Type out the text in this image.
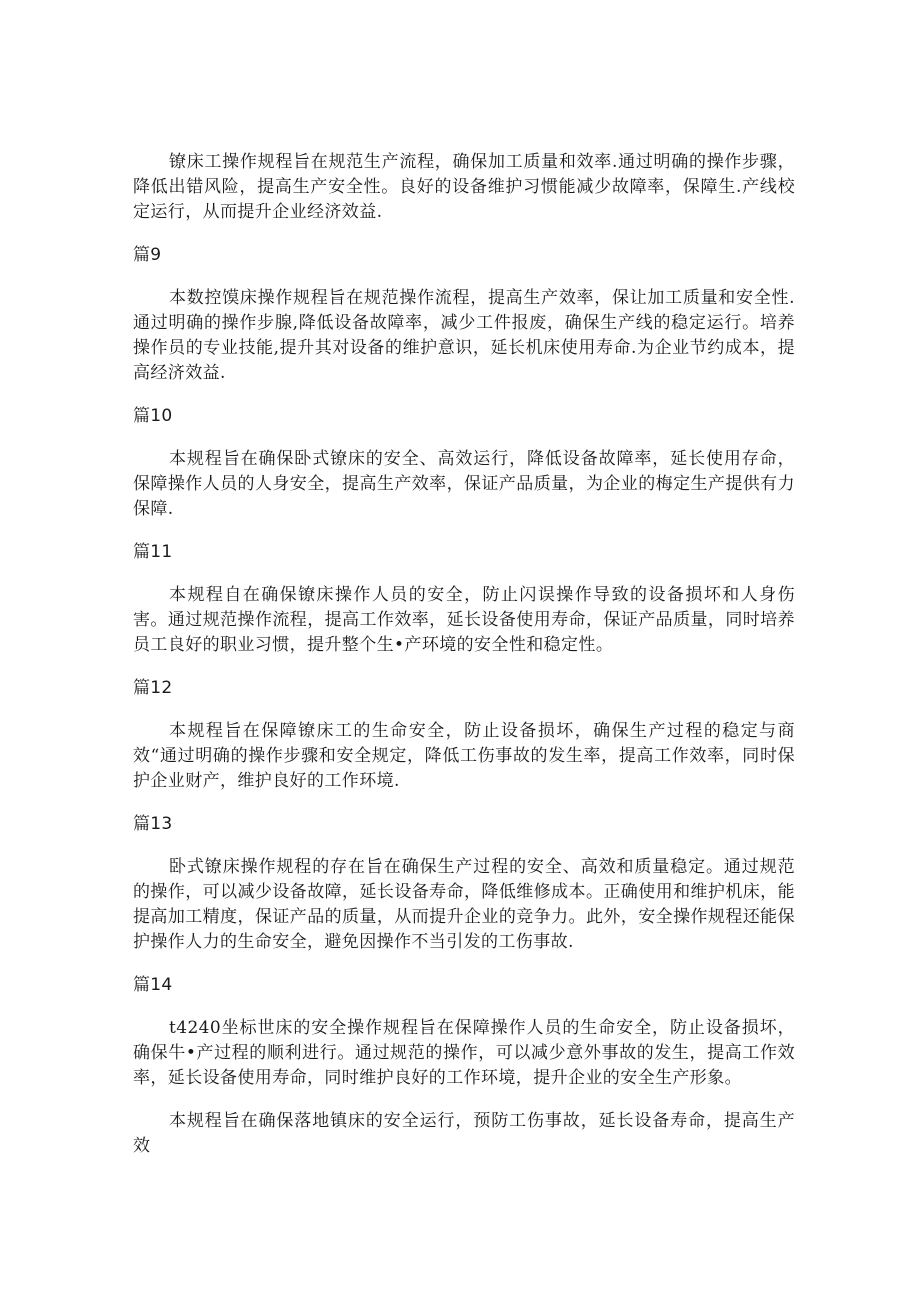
镣床工操作规程旨在规范生产流程，确保加工质量和效率.通过明确的操作步骤，降低出错风险，提高生产安全性。良好的设备维护习惯能减少故障率，保障生.产线校定运行，从而提升企业经济效益.

篇9

本数控馍床操作规程旨在规范操作流程，提高生产效率，保让加工质量和安全性.通过明确的操作步腺,降低设备故障率，减少工件报废，确保生产线的稳定运行。培养操作员的专业技能,提升其对设备的维护意识，延长机床使用寿命.为企业节约成本，提高经济效益.

篇10

本规程旨在确保卧式镣床的安全、高效运行，降低设备故障率，延长使用存命，保障操作人员的人身安全，提高生产效率，保证产品质量，为企业的梅定生产提供有力保障.

篇11

本规程自在确保镣床操作人员的安全，防止闪误操作导致的设备损坏和人身伤害。通过规范操作流程，提高工作效率，延长设备使用寿命，保证产品质量，同时培养员工良好的职业习惯，提升整个生•产环境的安全性和稳定性。

篇12

本规程旨在保障镣床工的生命安全，防止设备损坏，确保生产过程的稳定与商效“通过明确的操作步骤和安全规定，降低工伤事故的发生率，提高工作效率，同时保护企业财产，维护良好的工作环境.

篇13

卧式镣床操作规程的存在旨在确保生产过程的安全、高效和质量稳定。通过规范的操作，可以减少设备故障，延长设备寿命，降低维修成本。正确使用和维护机床，能提高加工精度，保证产品的质量，从而提升企业的竞争力。此外，安全操作规程还能保护操作人力的生命安全，避免因操作不当引发的工伤事故.

篇14

t4240坐标世床的安全操作规程旨在保障操作人员的生命安全，防止设备损坏，确保牛•产过程的顺利进行。通过规范的操作，可以减少意外事故的发生，提高工作效率，延长设备使用寿命，同时维护良好的工作环境，提升企业的安全生产形象。

本规程旨在确保落地镇床的安全运行，预防工伤事故，延长设备寿命，提高生产效
